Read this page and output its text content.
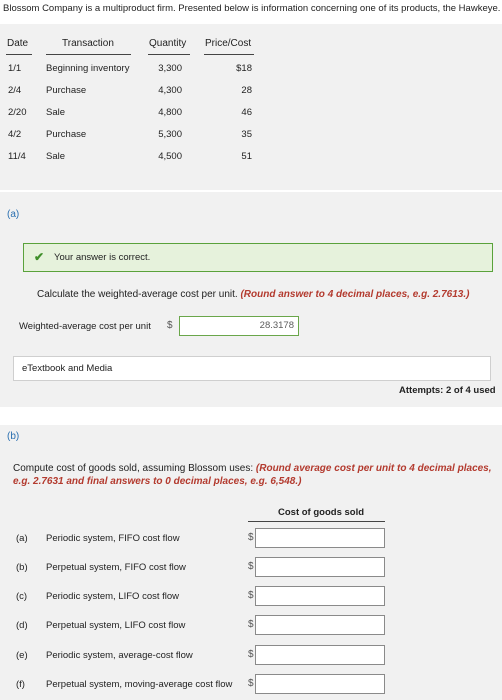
Blossom Company is a multiproduct firm. Presented below is information concerning one of its products, the Hawkeye.
Date	Transaction	Quantity Price/Cost
1/1	Beginning inventory	3,300	$18
2/4	Purchase	4,300	28
2/20 Sale	4,800	46
4/2	Purchase	5,300	35
11/4 Sale	4,500	51
(a)
✔ Your answer is correct.
Calculate the weighted-average cost per unit. (Round answer to 4 decimal places, e.g. 2.7613.)
Weighted-average cost per unit $	28.3178
eTextbook and Media
Attempts: 2 of 4 used
(b)
Compute cost of goods sold, assuming Blossom uses: (Round average cost per unit to 4 decimal places,
e.g. 2.7631 and final answers to 0 decimal places, e.g. 6,548.)
Cost of goods sold
(a) Periodic system, FIFO cost flow	$
(b) Perpetual system, FIFO cost flow	$
(c) Periodic system, LIFO cost flow	$
(d) Perpetual system, LIFO cost flow	$
(e) Periodic system, average-cost flow	$
(f) Perpetual system, moving-average cost flow $
